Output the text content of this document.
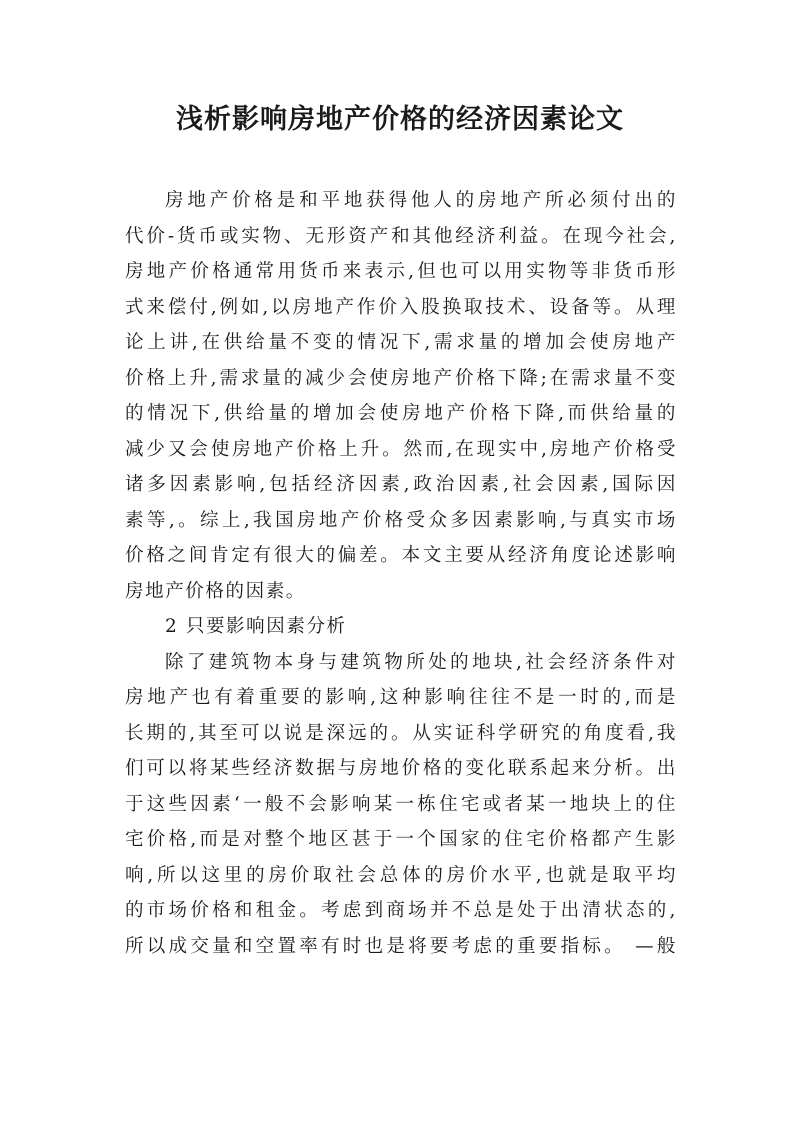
浅析影响房地产价格的经济因素论文
房地产价格是和平地获得他人的房地产所必须付出的
代价-货币或实物、无形资产和其他经济利益。在现今社会,
房地产价格通常用货币来表示,但也可以用实物等非货币形
式来偿付,例如,以房地产作价入股换取技术、设备等。从理
论上讲,在供给量不变的情况下,需求量的增加会使房地产
价格上升,需求量的减少会使房地产价格下降;在需求量不变
的情况下,供给量的增加会使房地产价格下降,而供给量的
减少又会使房地产价格上升。然而,在现实中,房地产价格受
诸多因素影响,包括经济因素,政治因素,社会因素,国际因
素等,。综上,我国房地产价格受众多因素影响,与真实市场
价格之间肯定有很大的偏差。本文主要从经济角度论述影响
房地产价格的因素。
2 只要影响因素分析
除了建筑物本身与建筑物所处的地块,社会经济条件对
房地产也有着重要的影响,这种影响往往不是一时的,而是
长期的,其至可以说是深远的。从实证科学研究的角度看,我
们可以将某些经济数据与房地价格的变化联系起来分析。出
于这些因素‘一般不会影响某一栋住宅或者某一地块上的住
宅价格,而是对整个地区甚于一个国家的住宅价格都产生影
响,所以这里的房价取社会总体的房价水平,也就是取平均
的市场价格和租金。考虑到商场并不总是处于出清状态的,
所以成交量和空置率有时也是将要考虑的重要指标。 —般
